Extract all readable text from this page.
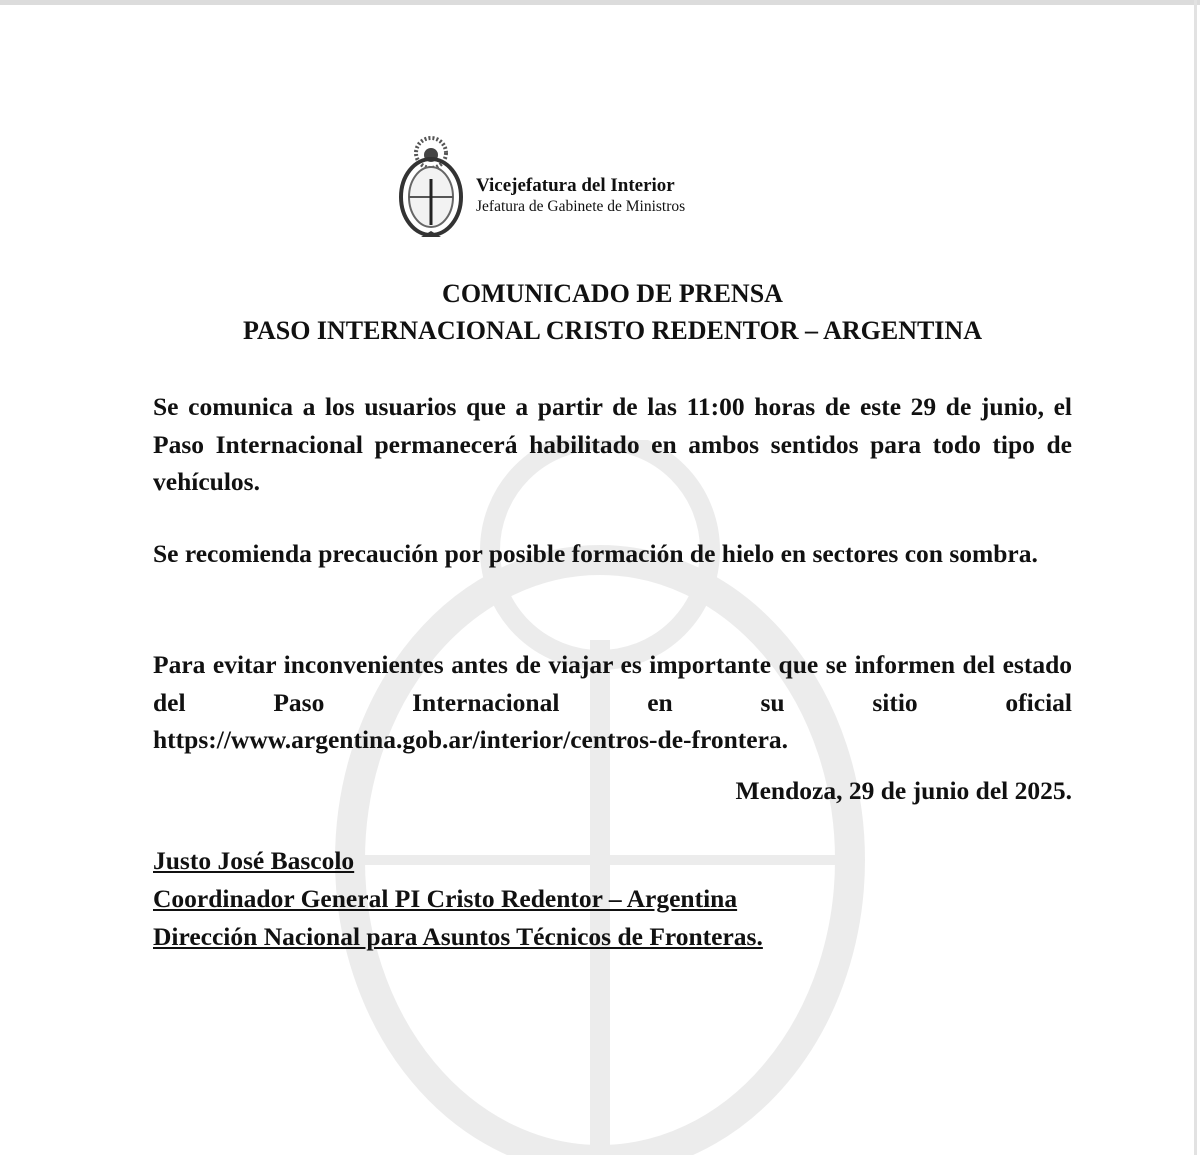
Vicejefatura del Interior
Jefatura de Gabinete de Ministros
COMUNICADO DE PRENSA
PASO INTERNACIONAL CRISTO REDENTOR – ARGENTINA
Se comunica a los usuarios que a partir de las 11:00 horas de este 29 de junio, el Paso Internacional permanecerá habilitado en ambos sentidos para todo tipo de vehículos.
Se recomienda precaución por posible formación de hielo en sectores con sombra.
Para evitar inconvenientes antes de viajar es importante que se informen del estado del Paso Internacional en su sitio oficial https://www.argentina.gob.ar/interior/centros-de-frontera.
Mendoza, 29 de junio del 2025.
Justo José Bascolo
Coordinador General PI Cristo Redentor – Argentina
Dirección Nacional para Asuntos Técnicos de Fronteras.
